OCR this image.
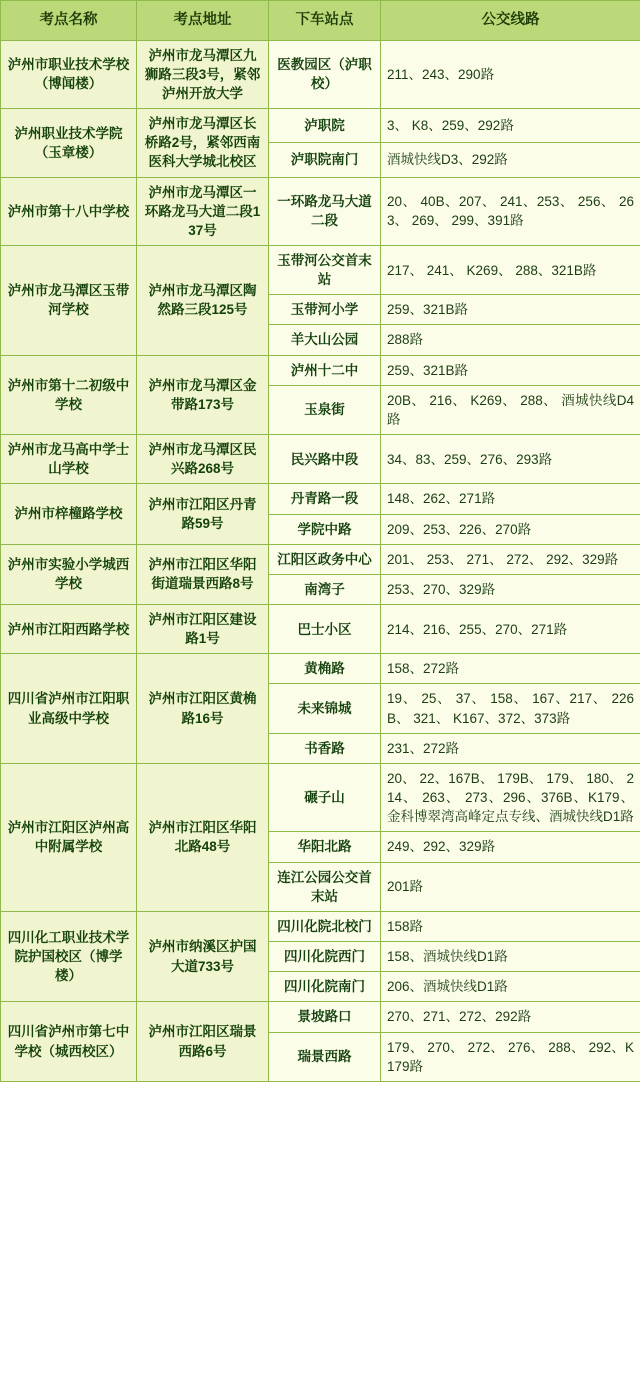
考点名称	考点地址	下车站点	公交线路
泸州市职业技术学校（博闻楼）	泸州市龙马潭区九狮路三段3号，紧邻泸州开放大学	医教园区（泸职校）	211、243、290路
泸州职业技术学院（玉章楼）	泸州市龙马潭区长桥路2号，紧邻西南医科大学城北校区	泸职院	3、 K8、259、292路
		泸职院南门	酒城快线D3、292路
泸州市第十八中学校	泸州市龙马潭区一环路龙马大道二段137号	一环路龙马大道二段	20、 40B、207、 241、253、 256、 263、 269、 299、391路
泸州市龙马潭区玉带河学校	泸州市龙马潭区陶然路三段125号	玉带河公交首末站	217、 241、 K269、 288、321B路
		玉带河小学	259、321B路
		羊大山公园	288路
泸州市第十二初级中学校	泸州市龙马潭区金带路173号	泸州十二中	259、321B路
		玉泉街	20B、 216、 K269、 288、 酒城快线D4路
泸州市龙马高中学士山学校	泸州市龙马潭区民兴路268号	民兴路中段	34、83、259、276、293路
泸州市梓橦路学校	泸州市江阳区丹青路59号	丹青路一段	148、262、271路
		学院中路	209、253、226、270路
泸州市实验小学城西学校	泸州市江阳区华阳街道瑞景西路8号	江阳区政务中心	201、 253、 271、 272、 292、329路
		南湾子	253、270、329路
泸州市江阳西路学校	泸州市江阳区建设路1号	巴士小区	214、216、255、270、271路
四川省泸州市江阳职业高级中学校	泸州市江阳区黄桷路16号	黄桷路	158、272路
		未来锦城	19、 25、 37、 158、 167、217、 226B、 321、 K167、372、373路
		书香路	231、272路
泸州市江阳区泸州高中附属学校	泸州市江阳区华阳北路48号	碾子山	20、 22、167B、 179B、 179、 180、 214、 263、 273、296、376B、K179、金科博翠湾高峰定点专线、酒城快线D1路
		华阳北路	249、292、329路
		连江公园公交首末站	201路
四川化工职业技术学院护国校区（博学楼）	泸州市纳溪区护国大道733号	四川化院北校门	158路
		四川化院西门	158、酒城快线D1路
		四川化院南门	206、酒城快线D1路
四川省泸州市第七中学校（城西校区）	泸州市江阳区瑞景西路6号	景坡路口	270、271、272、292路
		瑞景西路	179、 270、 272、 276、 288、 292、K179路
